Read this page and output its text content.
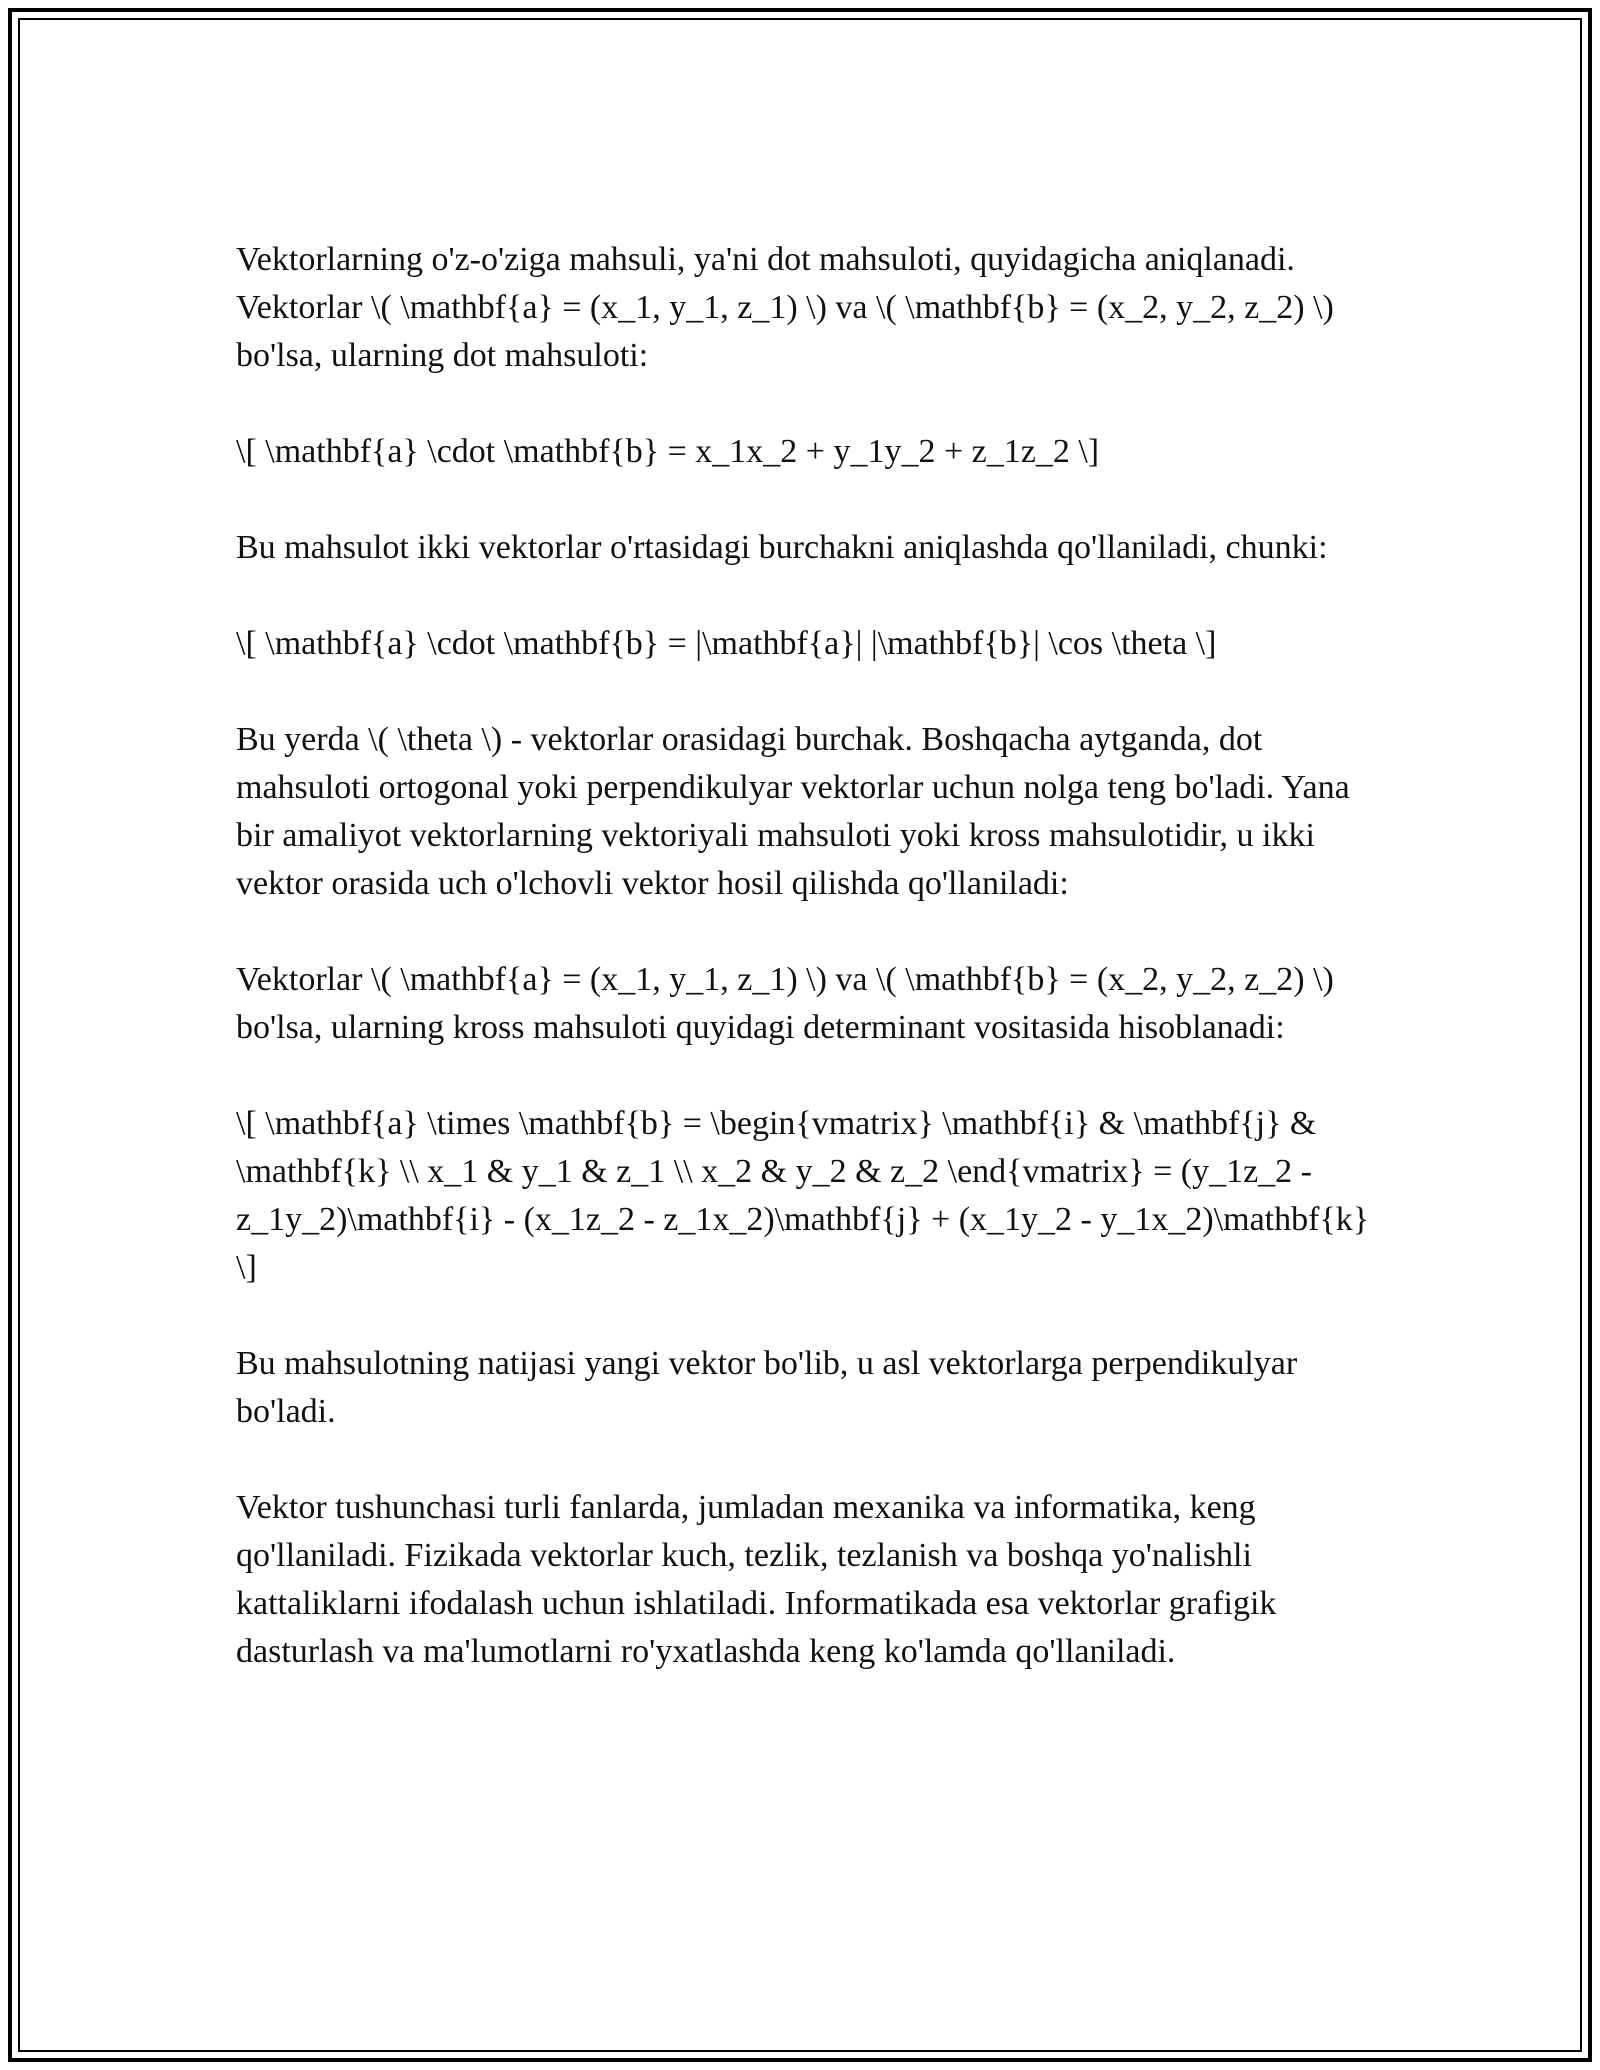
Vektorlarning o'z-o'ziga mahsuli, ya'ni dot mahsuloti, quyidagicha aniqlanadi. Vektorlar \( \mathbf{a} = (x_1, y_1, z_1) \) va \( \mathbf{b} = (x_2, y_2, z_2) \) bo'lsa, ularning dot mahsuloti:

\[ \mathbf{a} \cdot \mathbf{b} = x_1x_2 + y_1y_2 + z_1z_2 \]

Bu mahsulot ikki vektorlar o'rtasidagi burchakni aniqlashda qo'llaniladi, chunki:

\[ \mathbf{a} \cdot \mathbf{b} = |\mathbf{a}| |\mathbf{b}| \cos \theta \]

Bu yerda \( \theta \) - vektorlar orasidagi burchak. Boshqacha aytganda, dot mahsuloti ortogonal yoki perpendikulyar vektorlar uchun nolga teng bo'ladi. Yana bir amaliyot vektorlarning vektoriyali mahsuloti yoki kross mahsulotidir, u ikki vektor orasida uch o'lchovli vektor hosil qilishda qo'llaniladi:

Vektorlar \( \mathbf{a} = (x_1, y_1, z_1) \) va \( \mathbf{b} = (x_2, y_2, z_2) \) bo'lsa, ularning kross mahsuloti quyidagi determinant vositasida hisoblanadi:

\[ \mathbf{a} \times \mathbf{b} = \begin{vmatrix} \mathbf{i} & \mathbf{j} & \mathbf{k} \\ x_1 & y_1 & z_1 \\ x_2 & y_2 & z_2 \end{vmatrix} = (y_1z_2 - z_1y_2)\mathbf{i} - (x_1z_2 - z_1x_2)\mathbf{j} + (x_1y_2 - y_1x_2)\mathbf{k} \]

Bu mahsulotning natijasi yangi vektor bo'lib, u asl vektorlarga perpendikulyar bo'ladi.

Vektor tushunchasi turli fanlarda, jumladan mexanika va informatika, keng qo'llaniladi. Fizikada vektorlar kuch, tezlik, tezlanish va boshqa yo'nalishli kattaliklarni ifodalash uchun ishlatiladi. Informatikada esa vektorlar grafigik dasturlash va ma'lumotlarni ro'yxatlashda keng ko'lamda qo'llaniladi.
